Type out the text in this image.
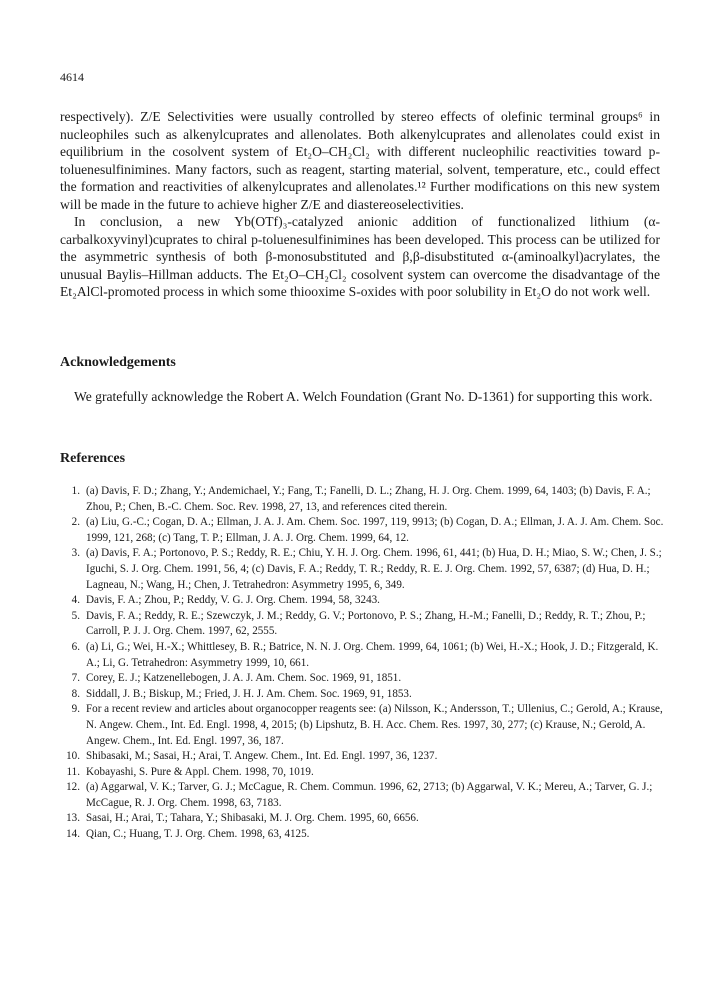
4614

respectively). Z/E Selectivities were usually controlled by stereo effects of olefinic terminal groups⁶ in nucleophiles such as alkenylcuprates and allenolates. Both alkenylcuprates and allenolates could exist in equilibrium in the cosolvent system of Et₂O–CH₂Cl₂ with different nucleophilic reactivities toward p-toluenesulfinimines. Many factors, such as reagent, starting material, solvent, temperature, etc., could effect the formation and reactivities of alkenylcuprates and allenolates.¹² Further modifications on this new system will be made in the future to achieve higher Z/E and diastereoselectivities.

In conclusion, a new Yb(OTf)₃-catalyzed anionic addition of functionalized lithium (α-carbalkoxyvinyl)cuprates to chiral p-toluenesulfinimines has been developed. This process can be utilized for the asymmetric synthesis of both β-monosubstituted and β,β-disubstituted α-(aminoalkyl)acrylates, the unusual Baylis–Hillman adducts. The Et₂O–CH₂Cl₂ cosolvent system can overcome the disadvantage of the Et₂AlCl-promoted process in which some thiooxime S-oxides with poor solubility in Et₂O do not work well.

Acknowledgements

We gratefully acknowledge the Robert A. Welch Foundation (Grant No. D-1361) for supporting this work.

References
1. (a) Davis, F. D.; Zhang, Y.; Andemichael, Y.; Fang, T.; Fanelli, D. L.; Zhang, H. J. Org. Chem. 1999, 64, 1403; (b) Davis, F. A.; Zhou, P.; Chen, B.-C. Chem. Soc. Rev. 1998, 27, 13, and references cited therein.
2. (a) Liu, G.-C.; Cogan, D. A.; Ellman, J. A. J. Am. Chem. Soc. 1997, 119, 9913; (b) Cogan, D. A.; Ellman, J. A. J. Am. Chem. Soc. 1999, 121, 268; (c) Tang, T. P.; Ellman, J. A. J. Org. Chem. 1999, 64, 12.
3. (a) Davis, F. A.; Portonovo, P. S.; Reddy, R. E.; Chiu, Y. H. J. Org. Chem. 1996, 61, 441; (b) Hua, D. H.; Miao, S. W.; Chen, J. S.; Iguchi, S. J. Org. Chem. 1991, 56, 4; (c) Davis, F. A.; Reddy, T. R.; Reddy, R. E. J. Org. Chem. 1992, 57, 6387; (d) Hua, D. H.; Lagneau, N.; Wang, H.; Chen, J. Tetrahedron: Asymmetry 1995, 6, 349.
4. Davis, F. A.; Zhou, P.; Reddy, V. G. J. Org. Chem. 1994, 58, 3243.
5. Davis, F. A.; Reddy, R. E.; Szewczyk, J. M.; Reddy, G. V.; Portonovo, P. S.; Zhang, H.-M.; Fanelli, D.; Reddy, R. T.; Zhou, P.; Carroll, P. J. J. Org. Chem. 1997, 62, 2555.
6. (a) Li, G.; Wei, H.-X.; Whittlesey, B. R.; Batrice, N. N. J. Org. Chem. 1999, 64, 1061; (b) Wei, H.-X.; Hook, J. D.; Fitzgerald, K. A.; Li, G. Tetrahedron: Asymmetry 1999, 10, 661.
7. Corey, E. J.; Katzenellebogen, J. A. J. Am. Chem. Soc. 1969, 91, 1851.
8. Siddall, J. B.; Biskup, M.; Fried, J. H. J. Am. Chem. Soc. 1969, 91, 1853.
9. For a recent review and articles about organocopper reagents see: (a) Nilsson, K.; Andersson, T.; Ullenius, C.; Gerold, A.; Krause, N. Angew. Chem., Int. Ed. Engl. 1998, 4, 2015; (b) Lipshutz, B. H. Acc. Chem. Res. 1997, 30, 277; (c) Krause, N.; Gerold, A. Angew. Chem., Int. Ed. Engl. 1997, 36, 187.
10. Shibasaki, M.; Sasai, H.; Arai, T. Angew. Chem., Int. Ed. Engl. 1997, 36, 1237.
11. Kobayashi, S. Pure & Appl. Chem. 1998, 70, 1019.
12. (a) Aggarwal, V. K.; Tarver, G. J.; McCague, R. Chem. Commun. 1996, 62, 2713; (b) Aggarwal, V. K.; Mereu, A.; Tarver, G. J.; McCague, R. J. Org. Chem. 1998, 63, 7183.
13. Sasai, H.; Arai, T.; Tahara, Y.; Shibasaki, M. J. Org. Chem. 1995, 60, 6656.
14. Qian, C.; Huang, T. J. Org. Chem. 1998, 63, 4125.
